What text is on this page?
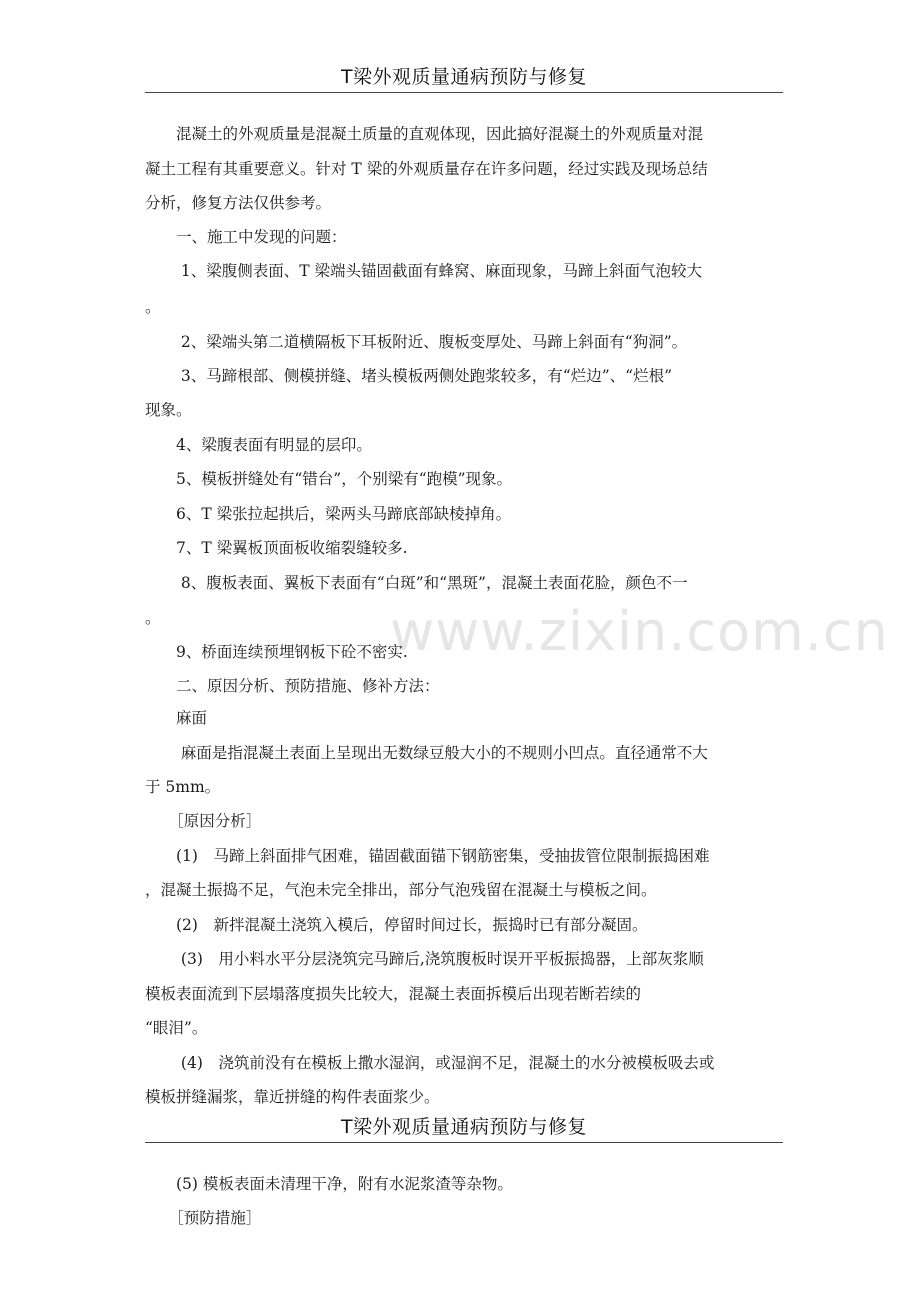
www.zixin.com.cn
T梁外观质量通病预防与修复
　　混凝土的外观质量是混凝土质量的直观体现，因此搞好混凝土的外观质量对混
凝土工程有其重要意义。针对 T 梁的外观质量存在许多问题，经过实践及现场总结
分析，修复方法仅供参考。
　　一、施工中发现的问题：
　　 1、梁腹侧表面、T 梁端头锚固截面有蜂窝、麻面现象，马蹄上斜面气泡较大
。
　　 2、梁端头第二道横隔板下耳板附近、腹板变厚处、马蹄上斜面有“狗洞”。
　　 3、马蹄根部、侧模拼缝、堵头模板两侧处跑浆较多，有“烂边”、“烂根”
现象。
　　4、梁腹表面有明显的层印。
　　5、模板拼缝处有“错台”，个别梁有“跑模”现象。
　　6、T 梁张拉起拱后，梁两头马蹄底部缺棱掉角。
　　7、T 梁翼板顶面板收缩裂缝较多.
　　 8、腹板表面、翼板下表面有“白斑”和“黑斑”，混凝土表面花脸，颜色不一
。
　　9、桥面连续预埋钢板下砼不密实.
　　二、原因分析、预防措施、修补方法：
　　麻面
　　 麻面是指混凝土表面上呈现出无数绿豆般大小的不规则小凹点。直径通常不大
于 5mm。
　　［原因分析］
　　(1)　马蹄上斜面排气困难，锚固截面锚下钢筋密集，受抽拔管位限制振捣困难
，混凝土振捣不足，气泡未完全排出，部分气泡残留在混凝土与模板之间。
　　(2)　新拌混凝土浇筑入模后，停留时间过长，振捣时已有部分凝固。
　　 (3)　用小料水平分层浇筑完马蹄后,浇筑腹板时误开平板振捣器，上部灰浆顺
模板表面流到下层塌落度损失比较大，混凝土表面拆模后出现若断若续的
“眼泪”。
　　 (4)　浇筑前没有在模板上撒水湿润，或湿润不足，混凝土的水分被模板吸去或
模板拼缝漏浆，靠近拼缝的构件表面浆少。
T梁外观质量通病预防与修复
　　(5) 模板表面未清理干净，附有水泥浆渣等杂物。
　　［预防措施］
